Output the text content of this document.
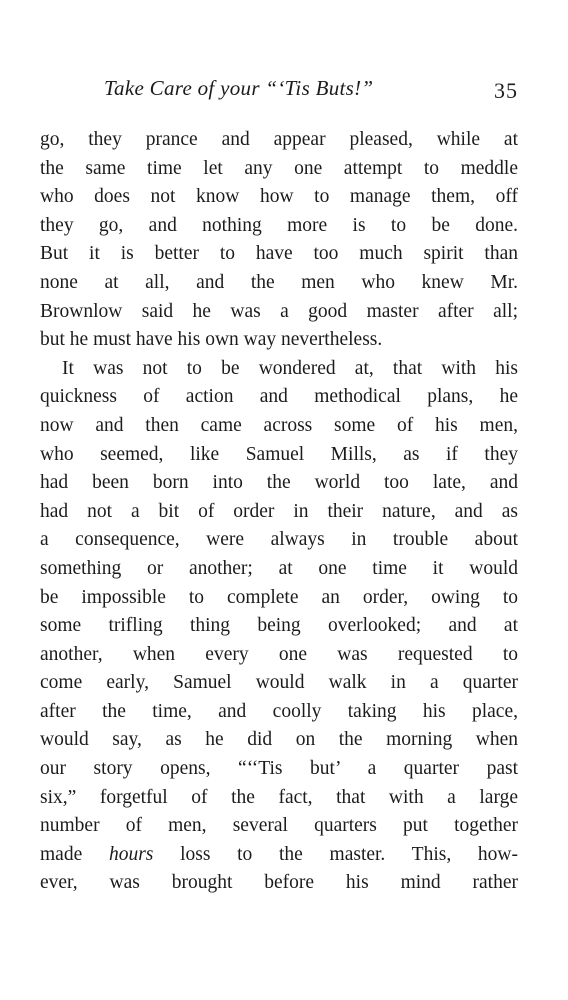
Take Care of your “‘Tis Buts!”	35
go, they prance and appear pleased, while at
the same time let any one attempt to meddle
who does not know how to manage them, off
they go, and nothing more is to be done.
But it is better to have too much spirit than
none at all, and the men who knew Mr.
Brownlow said he was a good master after all;
but he must have his own way nevertheless.
It was not to be wondered at, that with his
quickness of action and methodical plans, he
now and then came across some of his men,
who seemed, like Samuel Mills, as if they
had been born into the world too late, and
had not a bit of order in their nature, and as
a consequence, were always in trouble about
something or another; at one time it would
be impossible to complete an order, owing to
some trifling thing being overlooked; and at
another, when every one was requested to
come early, Samuel would walk in a quarter
after the time, and coolly taking his place,
would say, as he did on the morning when
our story opens, “‘‘Tis but’ a quarter past
six,” forgetful of the fact, that with a large
number of men, several quarters put together
made hours loss to the master. This, how-
ever, was brought before his mind rather
